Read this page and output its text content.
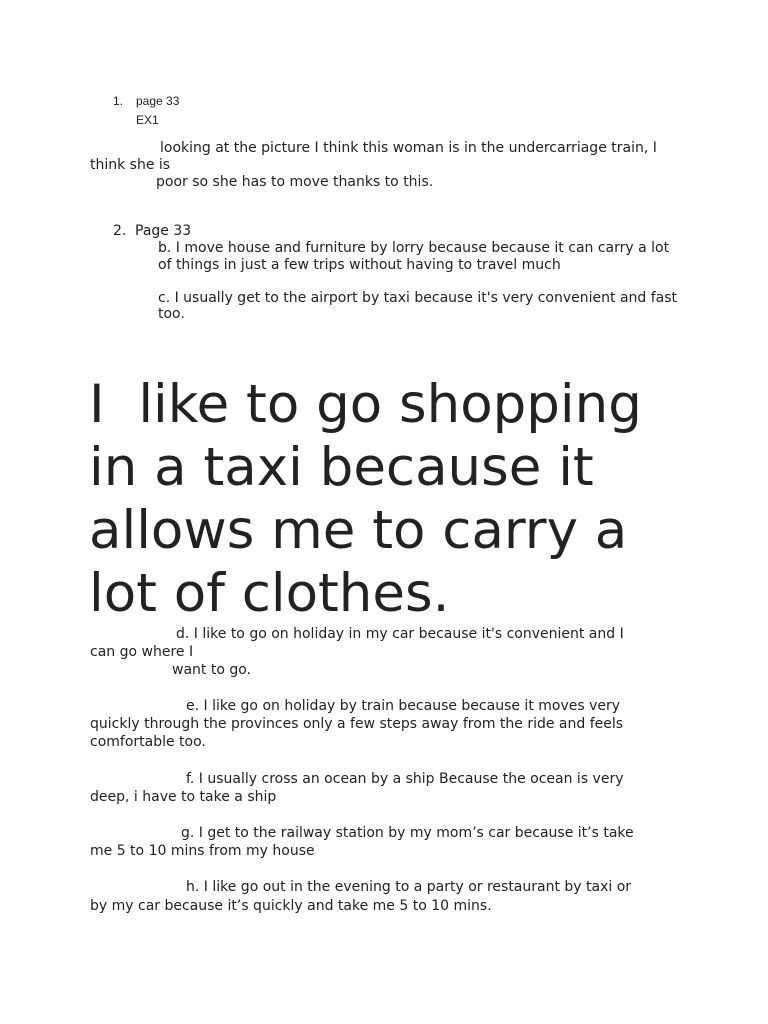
1. page 33

EX1

looking at the picture I think this woman is in the undercarriage train, I

think she is

poor so she has to move thanks to this.

2. Page 33

b. I move house and furniture by lorry because because it can carry a lot

of things in just a few trips without having to travel much

c. I usually get to the airport by taxi because it's very convenient and fast

too.

I  like to go shopping

in a taxi because it

allows me to carry a

lot of clothes.

d. I like to go on holiday in my car because it's convenient and I

can go where I

want to go.

e. I like go on holiday by train because because it moves very

quickly through the provinces only a few steps away from the ride and feels

comfortable too.

f. I usually cross an ocean by a ship Because the ocean is very

deep, i have to take a ship

g. I get to the railway station by my mom’s car because it’s take

me 5 to 10 mins from my house

h. I like go out in the evening to a party or restaurant by taxi or

by my car because it’s quickly and take me 5 to 10 mins.
